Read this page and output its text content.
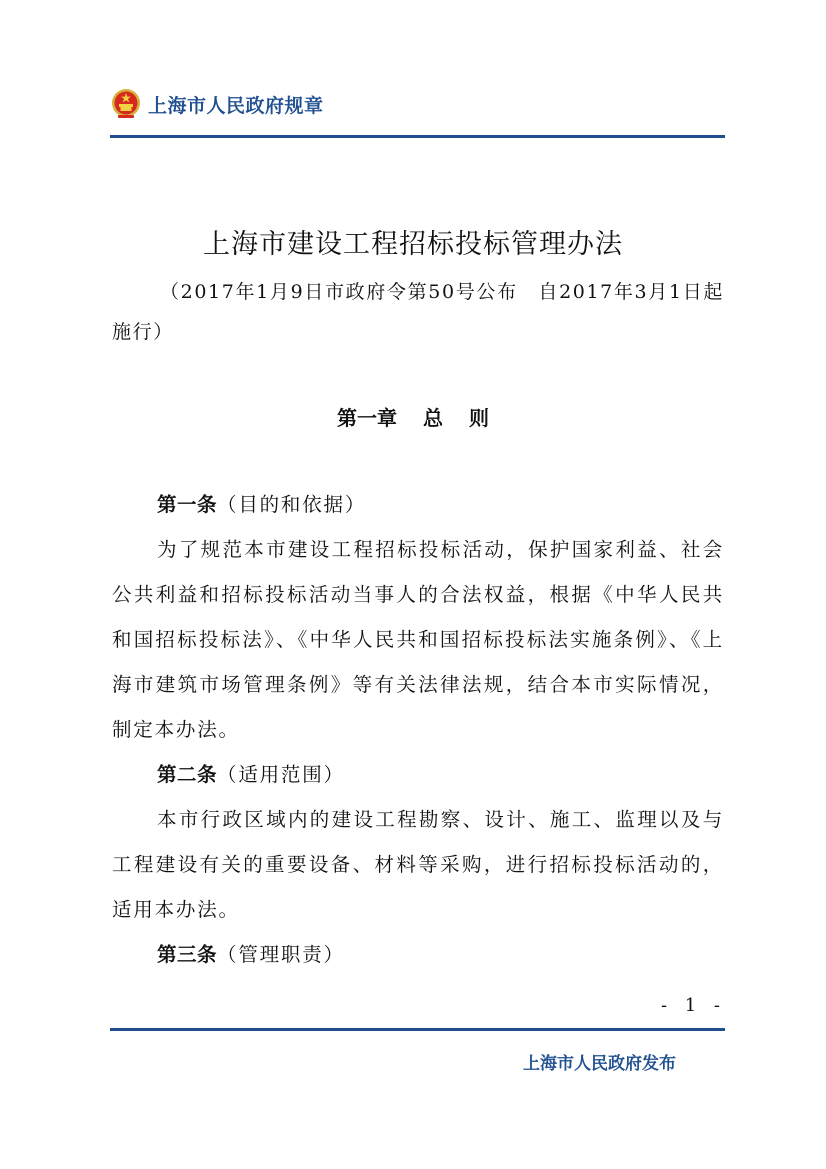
上海市人民政府规章
上海市建设工程招标投标管理办法
（2017年1月9日市政府令第50号公布　自2017年3月1日起施行）
第一章 总 则

第一条（目的和依据）

为了规范本市建设工程招标投标活动，保护国家利益、社会公共利益和招标投标活动当事人的合法权益，根据《中华人民共和国招标投标法》、《中华人民共和国招标投标法实施条例》、《上海市建筑市场管理条例》等有关法律法规，结合本市实际情况，制定本办法。

第二条（适用范围）

本市行政区域内的建设工程勘察、设计、施工、监理以及与工程建设有关的重要设备、材料等采购，进行招标投标活动的，适用本办法。

第三条（管理职责）

- 1 -
上海市人民政府发布
